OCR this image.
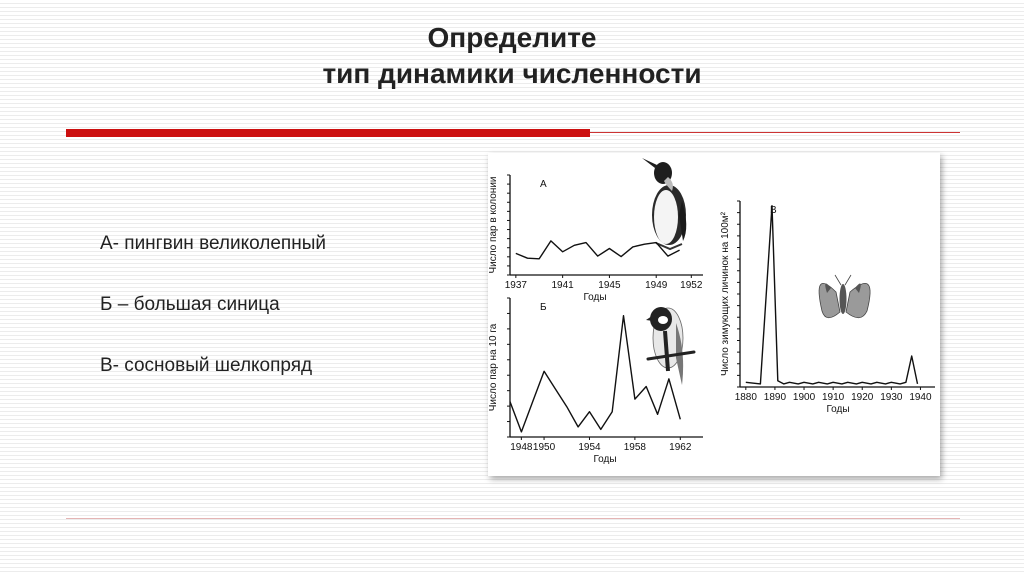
Определите
тип динамики численности
А- пингвин великолепный
Б – большая синица
В- сосновый шелкопряд
1937 1941 1945 1949 1952
А
Число пар в колонии
Годы
1948 1950 1954 1958 1962
Б
Число пар на 10 га
Годы
1880 1890 1900 1910 1920 1930 1940
В
Число зимующих личинок на 100м²
Годы
